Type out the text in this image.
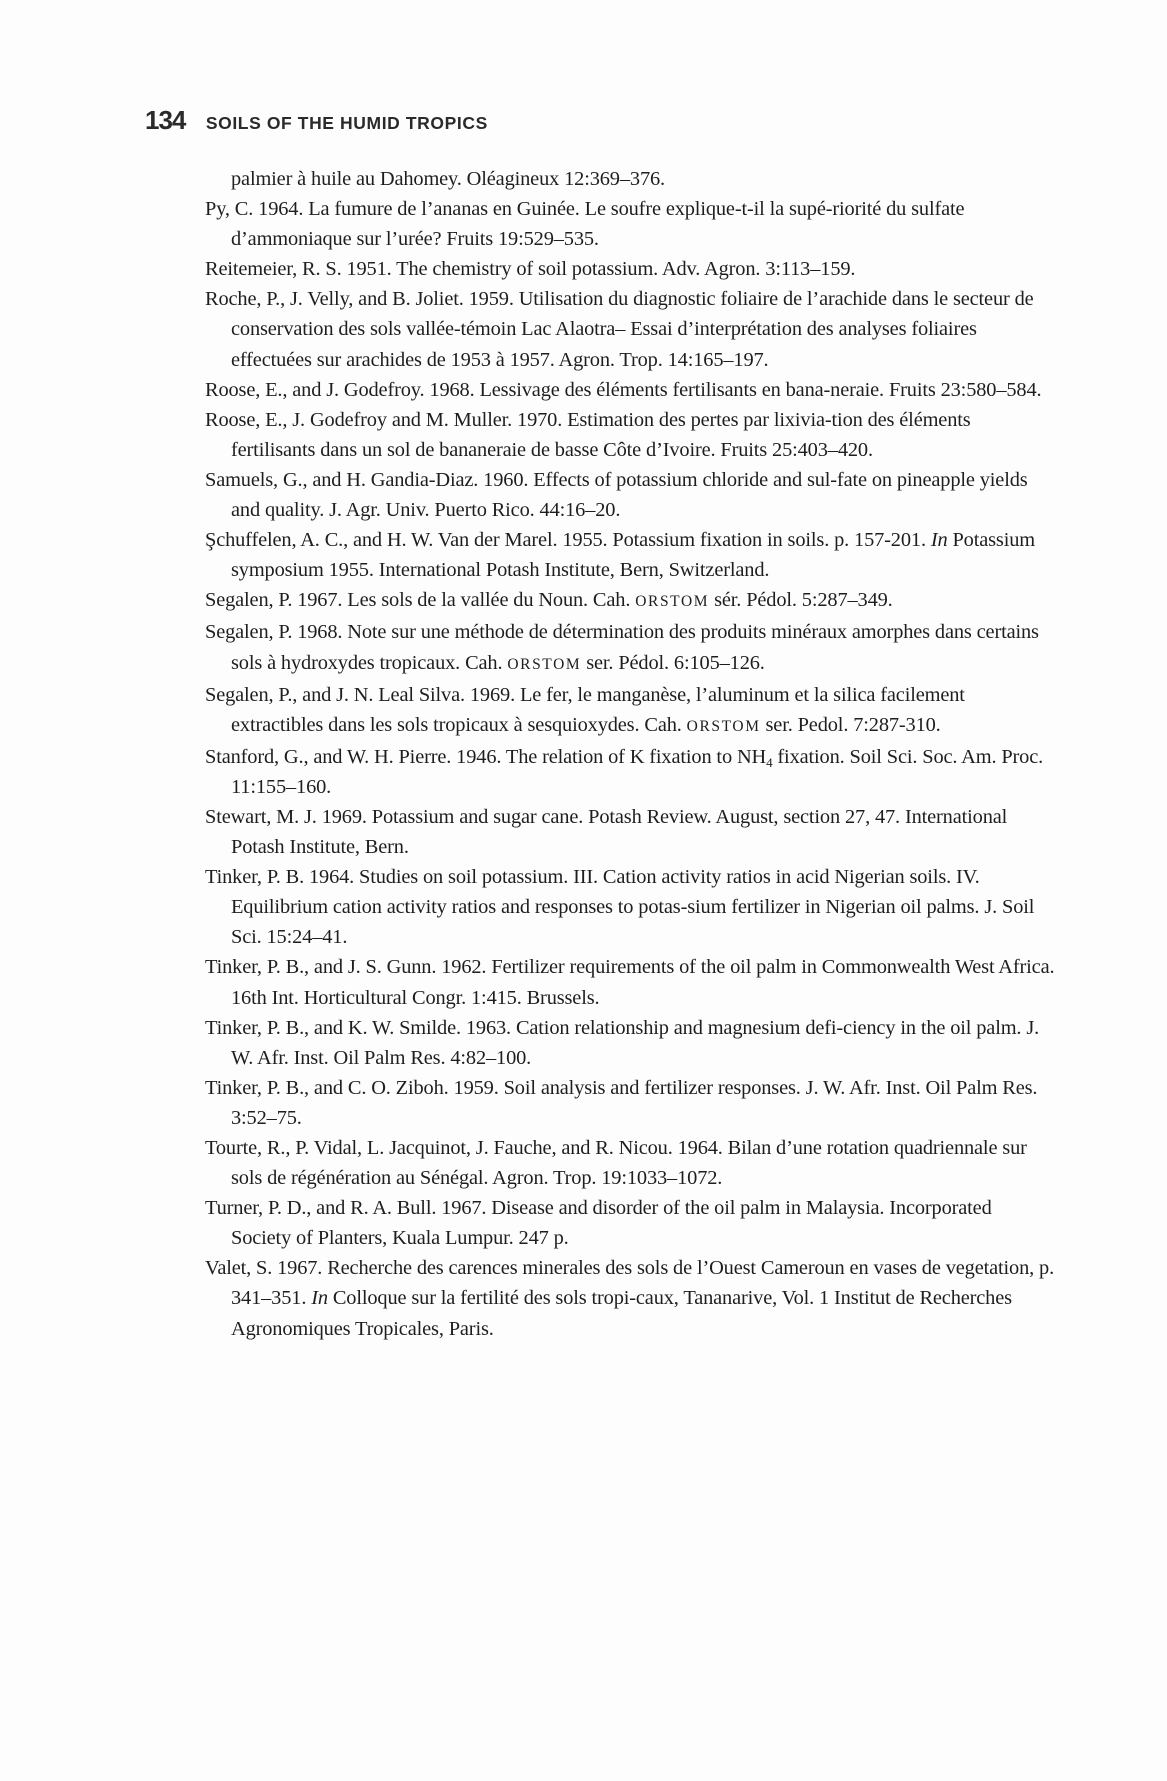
134 SOILS OF THE HUMID TROPICS

palmier à huile au Dahomey. Oléagineux 12:369–376.

Py, C. 1964. La fumure de l’ananas en Guinée. Le soufre explique-t-il la supé-riorité du sulfate d’ammoniaque sur l’urée? Fruits 19:529–535.

Reitemeier, R. S. 1951. The chemistry of soil potassium. Adv. Agron. 3:113–159.

Roche, P., J. Velly, and B. Joliet. 1959. Utilisation du diagnostic foliaire de l’arachide dans le secteur de conservation des sols vallée-témoin Lac Alaotra– Essai d’interprétation des analyses foliaires effectuées sur arachides de 1953 à 1957. Agron. Trop. 14:165–197.

Roose, E., and J. Godefroy. 1968. Lessivage des éléments fertilisants en bana-neraie. Fruits 23:580–584.

Roose, E., J. Godefroy and M. Muller. 1970. Estimation des pertes par lixivia-tion des éléments fertilisants dans un sol de bananeraie de basse Côte d’Ivoire. Fruits 25:403–420.

Samuels, G., and H. Gandia-Diaz. 1960. Effects of potassium chloride and sul-fate on pineapple yields and quality. J. Agr. Univ. Puerto Rico. 44:16–20.

Şchuffelen, A. C., and H. W. Van der Marel. 1955. Potassium fixation in soils. p. 157-201. In Potassium symposium 1955. International Potash Institute, Bern, Switzerland.

Segalen, P. 1967. Les sols de la vallée du Noun. Cah. ORSTOM sér. Pédol. 5:287–349.

Segalen, P. 1968. Note sur une méthode de détermination des produits minéraux amorphes dans certains sols à hydroxydes tropicaux. Cah. ORSTOM ser. Pédol. 6:105–126.

Segalen, P., and J. N. Leal Silva. 1969. Le fer, le manganèse, l’aluminum et la silica facilement extractibles dans les sols tropicaux à sesquioxydes. Cah. ORSTOM ser. Pedol. 7:287-310.

Stanford, G., and W. H. Pierre. 1946. The relation of K fixation to $NH_4$ fixation. Soil Sci. Soc. Am. Proc. 11:155–160.

Stewart, M. J. 1969. Potassium and sugar cane. Potash Review. August, section 27, 47. International Potash Institute, Bern.

Tinker, P. B. 1964. Studies on soil potassium. III. Cation activity ratios in acid Nigerian soils. IV. Equilibrium cation activity ratios and responses to potas-sium fertilizer in Nigerian oil palms. J. Soil Sci. 15:24–41.

Tinker, P. B., and J. S. Gunn. 1962. Fertilizer requirements of the oil palm in Commonwealth West Africa. 16th Int. Horticultural Congr. 1:415. Brussels.

Tinker, P. B., and K. W. Smilde. 1963. Cation relationship and magnesium defi-ciency in the oil palm. J. W. Afr. Inst. Oil Palm Res. 4:82–100.

Tinker, P. B., and C. O. Ziboh. 1959. Soil analysis and fertilizer responses. J. W. Afr. Inst. Oil Palm Res. 3:52–75.

Tourte, R., P. Vidal, L. Jacquinot, J. Fauche, and R. Nicou. 1964. Bilan d’une rotation quadriennale sur sols de régénération au Sénégal. Agron. Trop. 19:1033–1072.

Turner, P. D., and R. A. Bull. 1967. Disease and disorder of the oil palm in Malaysia. Incorporated Society of Planters, Kuala Lumpur. 247 p.

Valet, S. 1967. Recherche des carences minerales des sols de l’Ouest Cameroun en vases de vegetation, p. 341–351. In Colloque sur la fertilité des sols tropi-caux, Tananarive, Vol. 1 Institut de Recherches Agronomiques Tropicales, Paris.
